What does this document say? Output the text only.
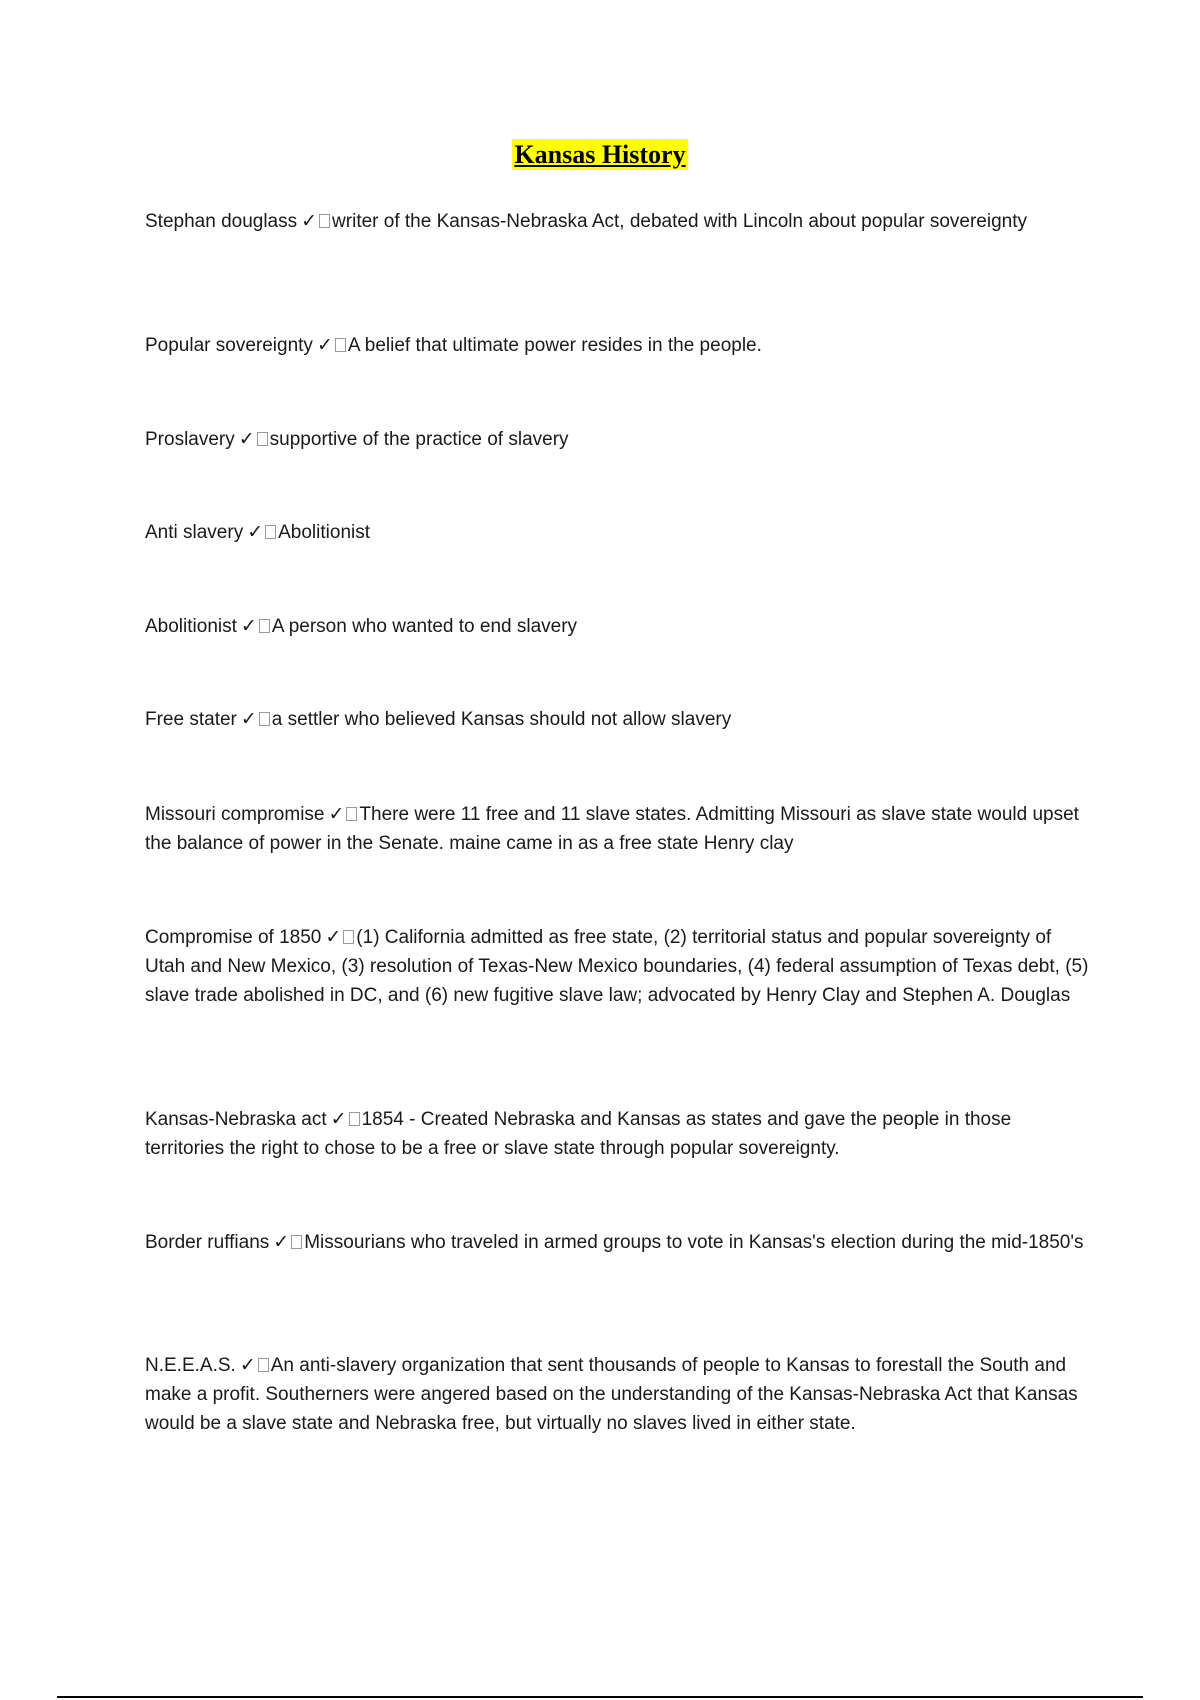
Kansas History
Stephan douglass ✓ writer of the Kansas-Nebraska Act, debated with Lincoln about popular sovereignty
Popular sovereignty ✓ A belief that ultimate power resides in the people.
Proslavery ✓ supportive of the practice of slavery
Anti slavery ✓ Abolitionist
Abolitionist ✓ A person who wanted to end slavery
Free stater ✓ a settler who believed Kansas should not allow slavery
Missouri compromise ✓ There were 11 free and 11 slave states. Admitting Missouri as slave state would upset the balance of power in the Senate. maine came in as a free state Henry clay
Compromise of 1850 ✓ (1) California admitted as free state, (2) territorial status and popular sovereignty of Utah and New Mexico, (3) resolution of Texas-New Mexico boundaries, (4) federal assumption of Texas debt, (5) slave trade abolished in DC, and (6) new fugitive slave law; advocated by Henry Clay and Stephen A. Douglas
Kansas-Nebraska act ✓ 1854 - Created Nebraska and Kansas as states and gave the people in those territories the right to chose to be a free or slave state through popular sovereignty.
Border ruffians ✓ Missourians who traveled in armed groups to vote in Kansas's election during the mid-1850's
N.E.E.A.S. ✓ An anti-slavery organization that sent thousands of people to Kansas to forestall the South and make a profit. Southerners were angered based on the understanding of the Kansas-Nebraska Act that Kansas would be a slave state and Nebraska free, but virtually no slaves lived in either state.
